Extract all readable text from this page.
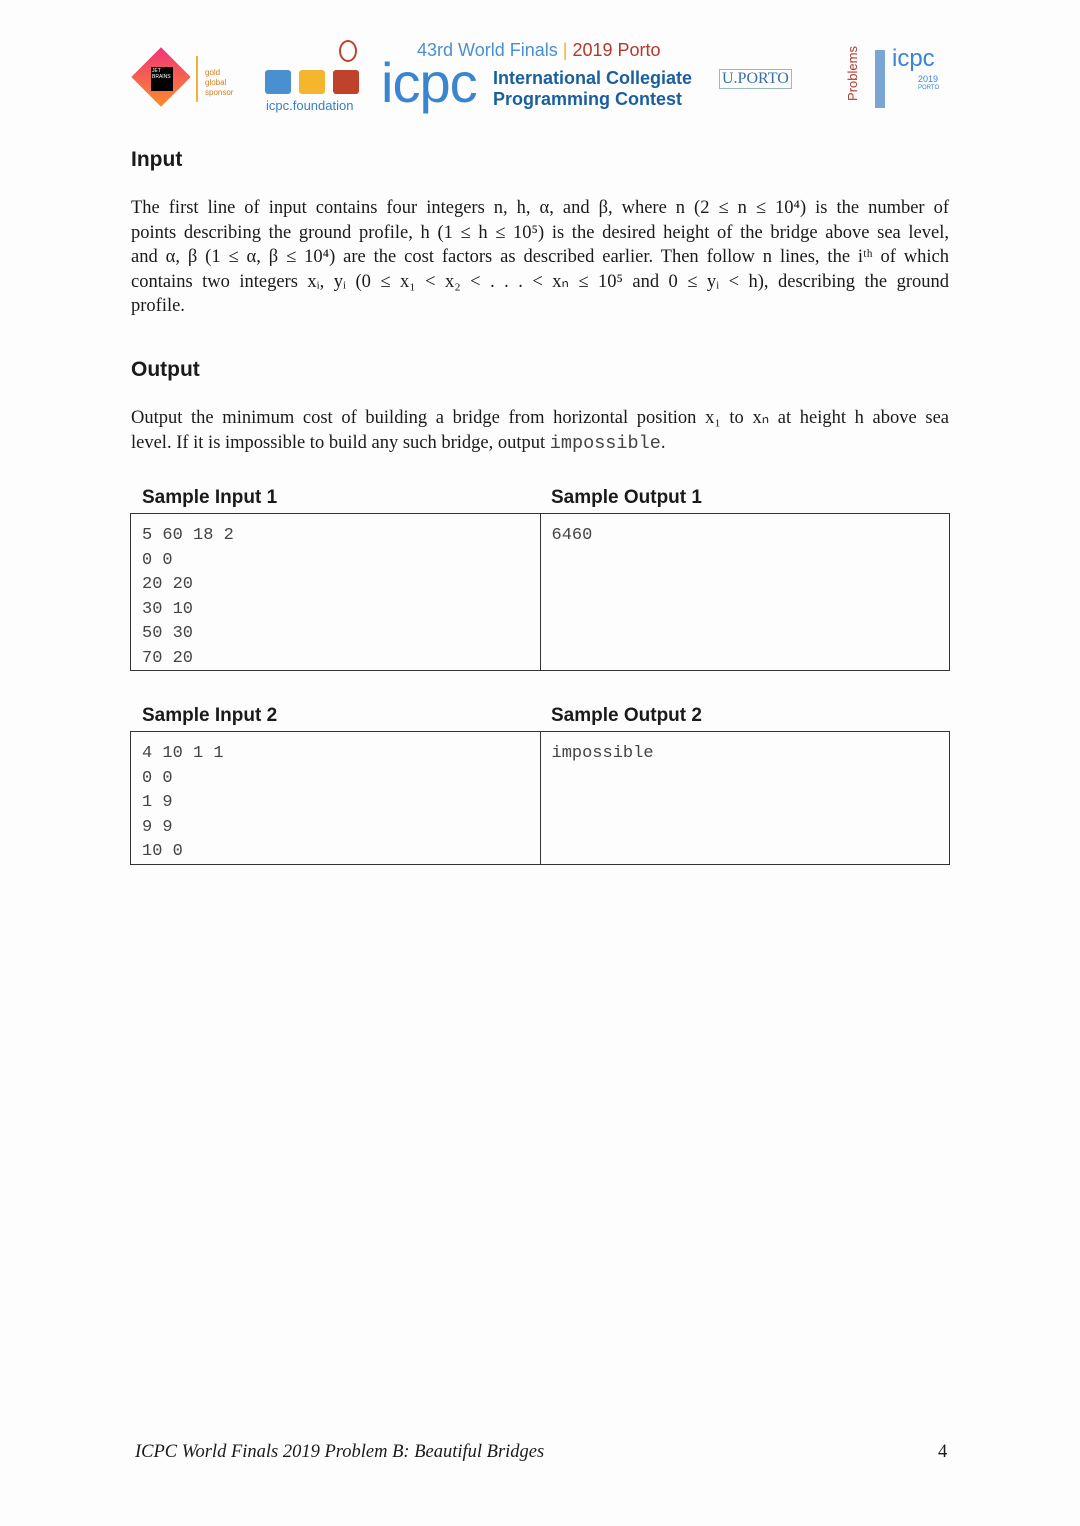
JET BRAINS	gold
global
sponsor
icpc.foundation
43rd World Finals | 2019 Porto
icpc International Collegiate
Programming Contest
U.PORTO	Problems icpc
2019
PORTO
Input
The first line of input contains four integers n, h, α, and β, where n (2 ≤ n ≤ 10⁴) is the number of
points describing the ground profile, h (1 ≤ h ≤ 10⁵) is the desired height of the bridge above sea level,
and α, β (1 ≤ α, β ≤ 10⁴) are the cost factors as described earlier. Then follow n lines, the iᵗʰ of which
contains two integers xᵢ, yᵢ (0 ≤ x₁ < x₂ < . . . < xₙ ≤ 10⁵ and 0 ≤ yᵢ < h), describing the ground
profile.
Output
Output the minimum cost of building a bridge from horizontal position x₁ to xₙ at height h above sea
level. If it is impossible to build any such bridge, output impossible.
Sample Input 1	Sample Output 1
5 60 18 2
0 0
20 20
30 10
50 30
70 20
6460
Sample Input 2	Sample Output 2
4 10 1 1
0 0
1 9
9 9
10 0
impossible
ICPC World Finals 2019 Problem B: Beautiful Bridges	4
